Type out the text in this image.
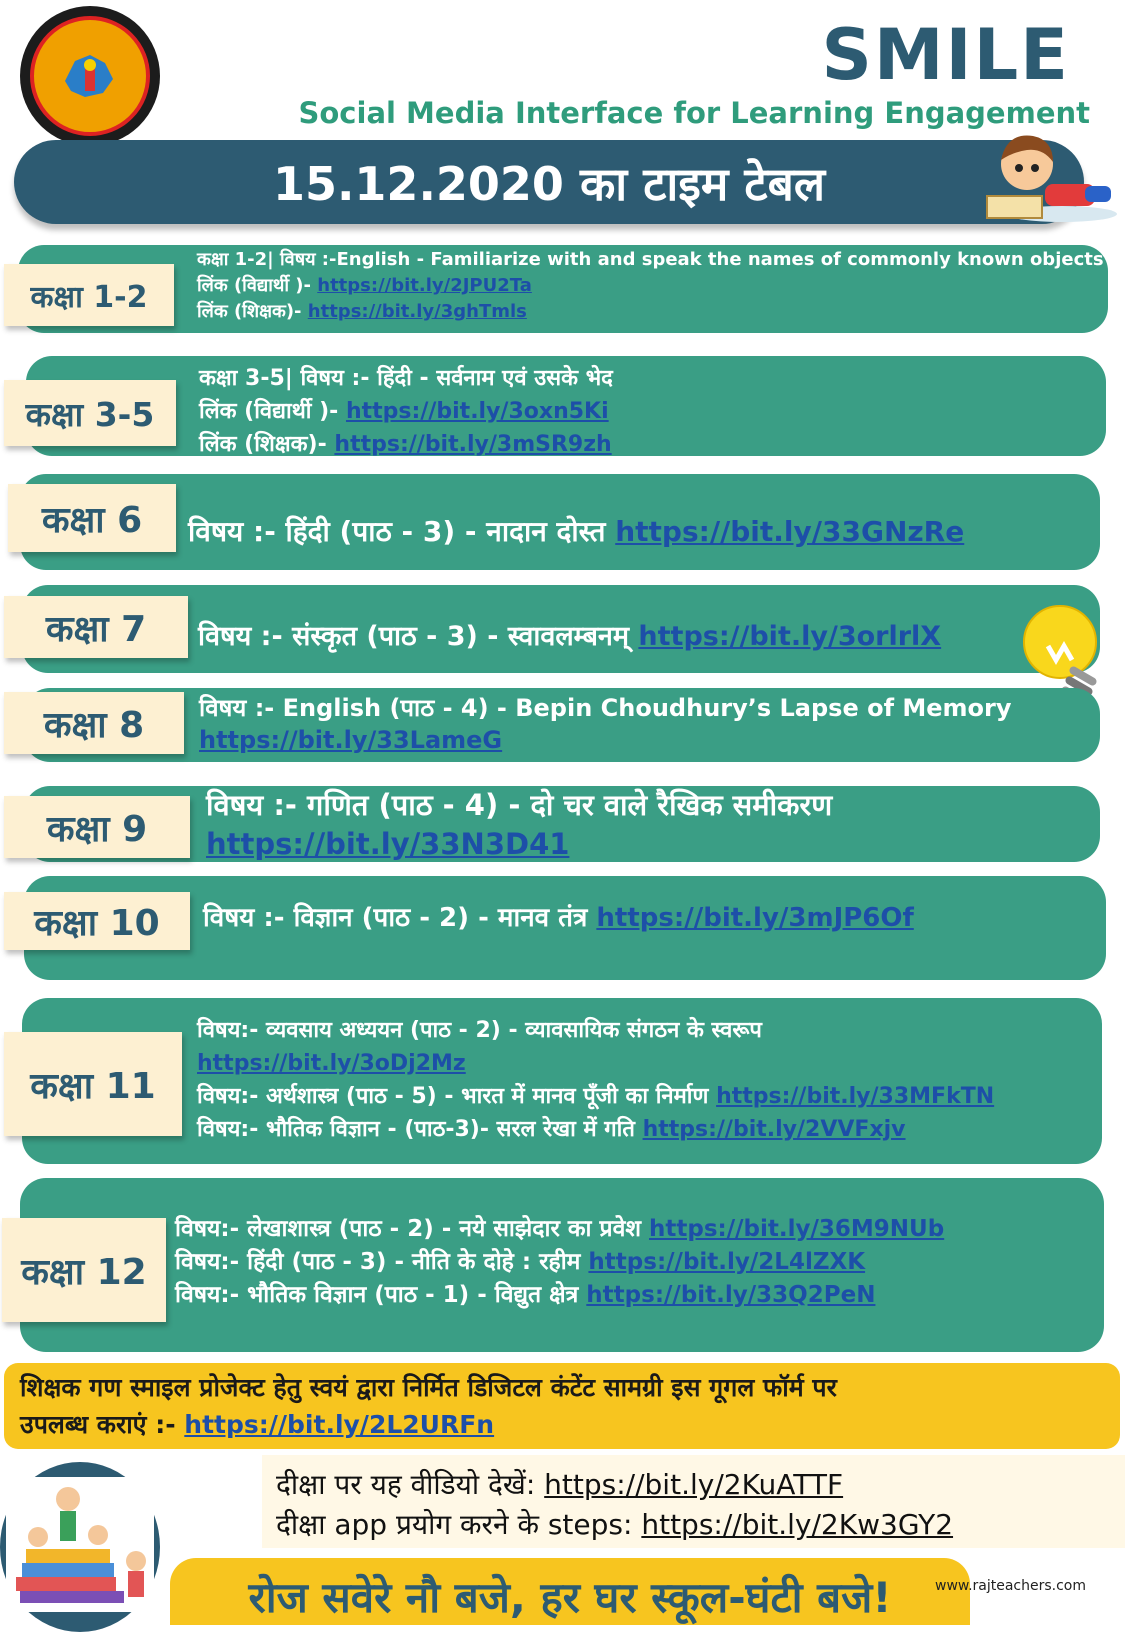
SMILE
Social Media Interface for Learning Engagement
15.12.2020 का टाइम टेबल
कक्षा 1-2
कक्षा 1-2| विषय :-English - Familiarize with and speak the names of commonly known objects
लिंक (विद्यार्थी )- https://bit.ly/2JPU2Ta
लिंक (शिक्षक)- https://bit.ly/3ghTmls
कक्षा 3-5
कक्षा 3-5| विषय :- हिंदी - सर्वनाम एवं उसके भेद
लिंक (विद्यार्थी )- https://bit.ly/3oxn5Ki
लिंक (शिक्षक)- https://bit.ly/3mSR9zh
कक्षा 6	विषय :- हिंदी (पाठ - 3) - नादान दोस्त https://bit.ly/33GNzRe
कक्षा 7	विषय :- संस्कृत (पाठ - 3) - स्वावलम्बनम् https://bit.ly/3orlrlX
कक्षा 8	विषय :- English (पाठ - 4) - Bepin Choudhury’s Lapse of Memory
https://bit.ly/33LameG
कक्षा 9
विषय :- गणित (पाठ - 4) - दो चर वाले रैखिक समीकरण
https://bit.ly/33N3D41
कक्षा 10	विषय :- विज्ञान (पाठ - 2) - मानव तंत्र https://bit.ly/3mJP6Of
कक्षा 11
विषय:- व्यवसाय अध्ययन (पाठ - 2) - व्यावसायिक संगठन के स्वरूप
https://bit.ly/3oDj2Mz
विषय:- अर्थशास्त्र (पाठ - 5) - भारत में मानव पूँजी का निर्माण https://bit.ly/33MFkTN
विषय:- भौतिक विज्ञान - (पाठ-3)- सरल रेखा में गति https://bit.ly/2VVFxjv
कक्षा 12
विषय:- लेखाशास्त्र (पाठ - 2) - नये साझेदार का प्रवेश https://bit.ly/36M9NUb
विषय:- हिंदी (पाठ - 3) - नीति के दोहे : रहीम https://bit.ly/2L4lZXK
विषय:- भौतिक विज्ञान (पाठ - 1) - विद्युत क्षेत्र https://bit.ly/33Q2PeN
शिक्षक गण स्माइल प्रोजेक्ट हेतु स्वयं द्वारा निर्मित डिजिटल कंटेंट सामग्री इस गूगल फॉर्म पर
उपलब्ध कराएं :- https://bit.ly/2L2URFn
दीक्षा पर यह वीडियो देखें: https://bit.ly/2KuATTF
दीक्षा app प्रयोग करने के steps: https://bit.ly/2Kw3GY2
रोज सवेरे नौ बजे, हर घर स्कूल-घंटी बजे!	www.rajteachers.com
